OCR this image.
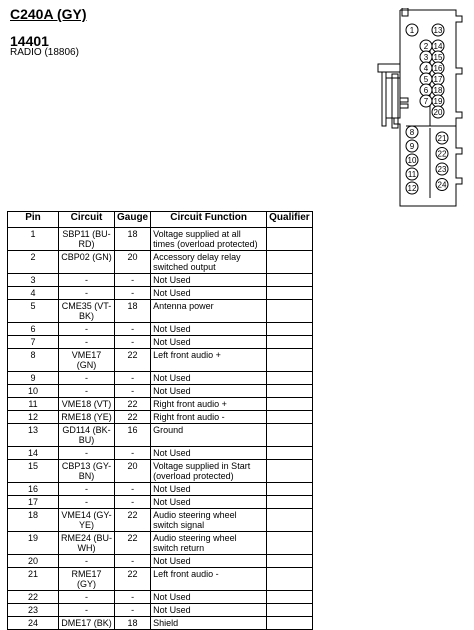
C240A (GY)
14401
RADIO (18806)
1
2
3
4
5
6
7
13
14
15
16
17
18
19
20
8
9
10
11
12
21
22
23
24
Pin	Circuit	Gauge	Circuit Function	Qualifier
1	SBP11 (BU-RD)	18	Voltage supplied at all times (overload protected)	
2	CBP02 (GN)	20	Accessory delay relay switched output	
3	-	-	Not Used	
4	-	-	Not Used	
5	CME35 (VT-BK)	18	Antenna power	
6	-	-	Not Used	
7	-	-	Not Used	
8	VME17 (GN)	22	Left front audio +	
9	-	-	Not Used	
10	-	-	Not Used	
11	VME18 (VT)	22	Right front audio +	
12	RME18 (YE)	22	Right front audio -	
13	GD114 (BK-BU)	16	Ground	
14	-	-	Not Used	
15	CBP13 (GY-BN)	20	Voltage supplied in Start (overload protected)	
16	-	-	Not Used	
17	-	-	Not Used	
18	VME14 (GY-YE)	22	Audio steering wheel switch signal	
19	RME24 (BU-WH)	22	Audio steering wheel switch return	
20	-	-	Not Used	
21	RME17 (GY)	22	Left front audio -	
22	-	-	Not Used	
23	-	-	Not Used	
24	DME17 (BK)	18	Shield	
